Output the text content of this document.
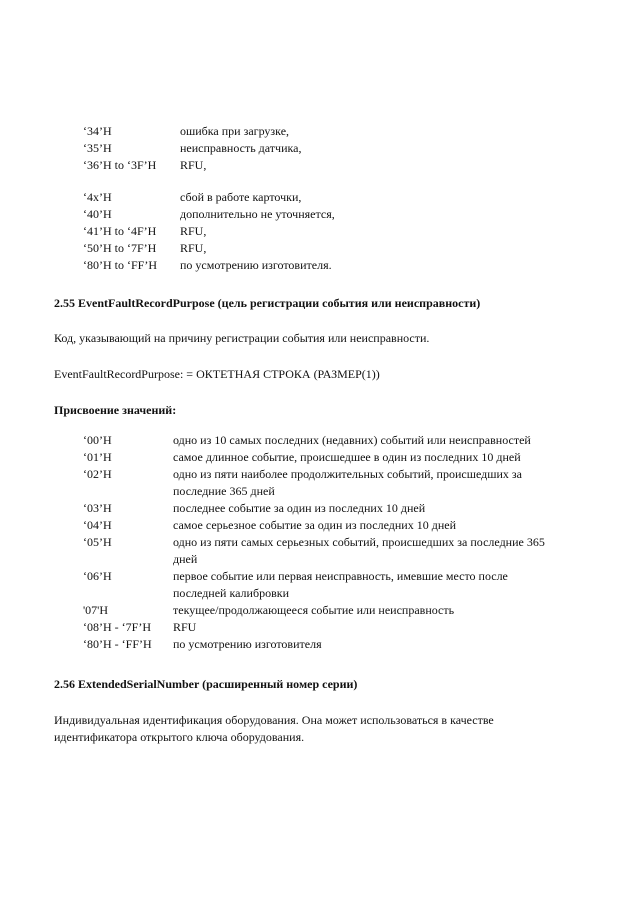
‘34’H	ошибка при загрузке,
‘35’H	неисправность датчика,
‘36’H to ‘3F’H	RFU,
‘4x’H	сбой в работе карточки,
‘40’H	дополнительно не уточняется,
‘41’H to ‘4F’H	RFU,
‘50’H to ‘7F’H	RFU,
‘80’H to ‘FF’H	по усмотрению изготовителя.
2.55 EventFaultRecordPurpose (цель регистрации события или неисправности)
Код, указывающий на причину регистрации события или неисправности.
EventFaultRecordPurpose: = ОКТЕТНАЯ СТРОКА (РАЗМЕР(1))
Присвоение значений:
‘00’H	одно из 10 самых последних (недавних) событий или неисправностей
‘01’H	самое длинное событие, происшедшее в один из последних 10 дней
‘02’H	одно из пяти наиболее продолжительных событий, происшедших за последние 365 дней
‘03’H	последнее событие за один из последних 10 дней
‘04’H	самое серьезное событие за один из последних 10 дней
‘05’H	одно из пяти самых серьезных событий, происшедших за последние 365 дней
‘06’H	первое событие или первая неисправность, имевшие место после последней калибровки
'07'H	текущее/продолжающееся событие или неисправность
‘08’H - ‘7F’H	RFU
‘80’H - ‘FF’H	по усмотрению изготовителя
2.56 ExtendedSerialNumber (расширенный номер серии)
Индивидуальная идентификация оборудования. Она может использоваться в качестве идентификатора открытого ключа оборудования.
